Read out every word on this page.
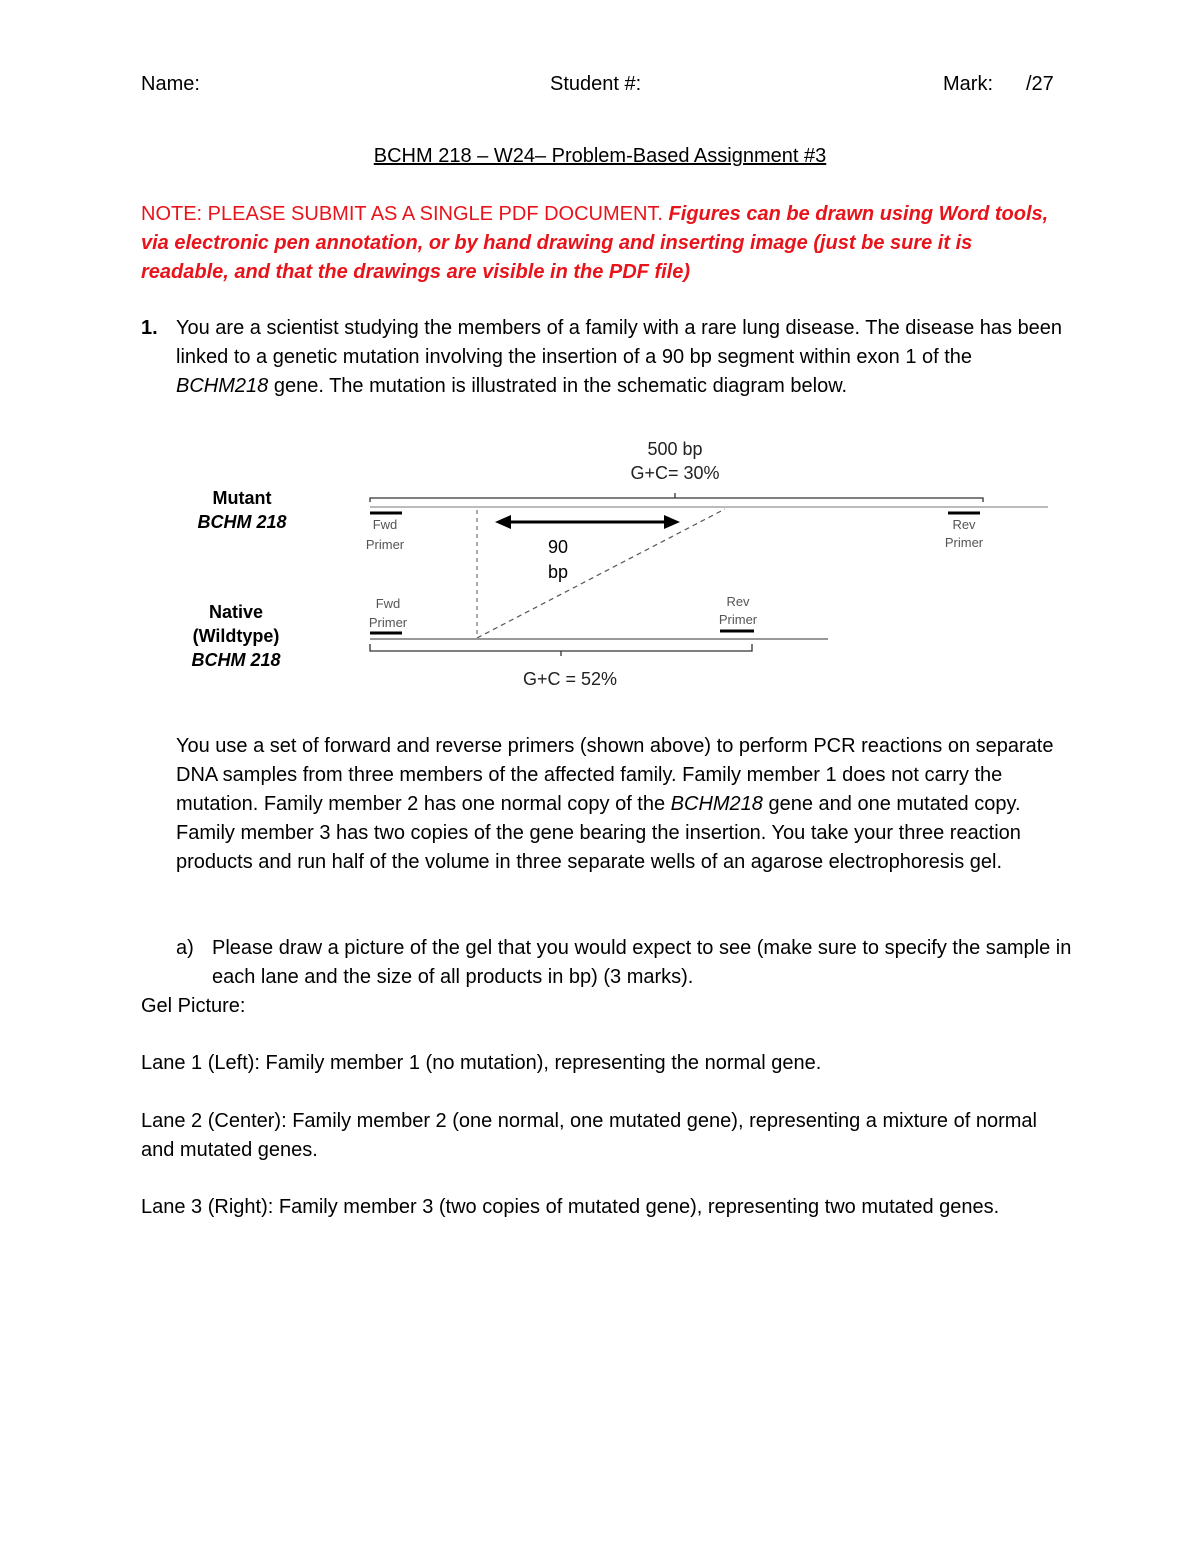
Name:	Student #:	Mark: /27
BCHM 218 – W24– Problem-Based Assignment #3
NOTE: PLEASE SUBMIT AS A SINGLE PDF DOCUMENT. Figures can be drawn using Word tools, via electronic pen annotation, or by hand drawing and inserting image (just be sure it is readable, and that the drawings are visible in the PDF file)
1. You are a scientist studying the members of a family with a rare lung disease. The disease has been linked to a genetic mutation involving the insertion of a 90 bp segment within exon 1 of the BCHM218 gene. The mutation is illustrated in the schematic diagram below.
500 bp
G+C= 30%
Mutant
BCHM 218	Fwd
Primer
Rev
Primer
90
bp
Native
(Wildtype)
BCHM 218
Fwd
Primer
Rev
Primer
G+C = 52%
You use a set of forward and reverse primers (shown above) to perform PCR reactions on separate DNA samples from three members of the affected family. Family member 1 does not carry the mutation. Family member 2 has one normal copy of the BCHM218 gene and one mutated copy. Family member 3 has two copies of the gene bearing the insertion. You take your three reaction products and run half of the volume in three separate wells of an agarose electrophoresis gel.
a) Please draw a picture of the gel that you would expect to see (make sure to specify the sample in each lane and the size of all products in bp) (3 marks).
Gel Picture:
Lane 1 (Left): Family member 1 (no mutation), representing the normal gene.
Lane 2 (Center): Family member 2 (one normal, one mutated gene), representing a mixture of normal and mutated genes.
Lane 3 (Right): Family member 3 (two copies of mutated gene), representing two mutated genes.
